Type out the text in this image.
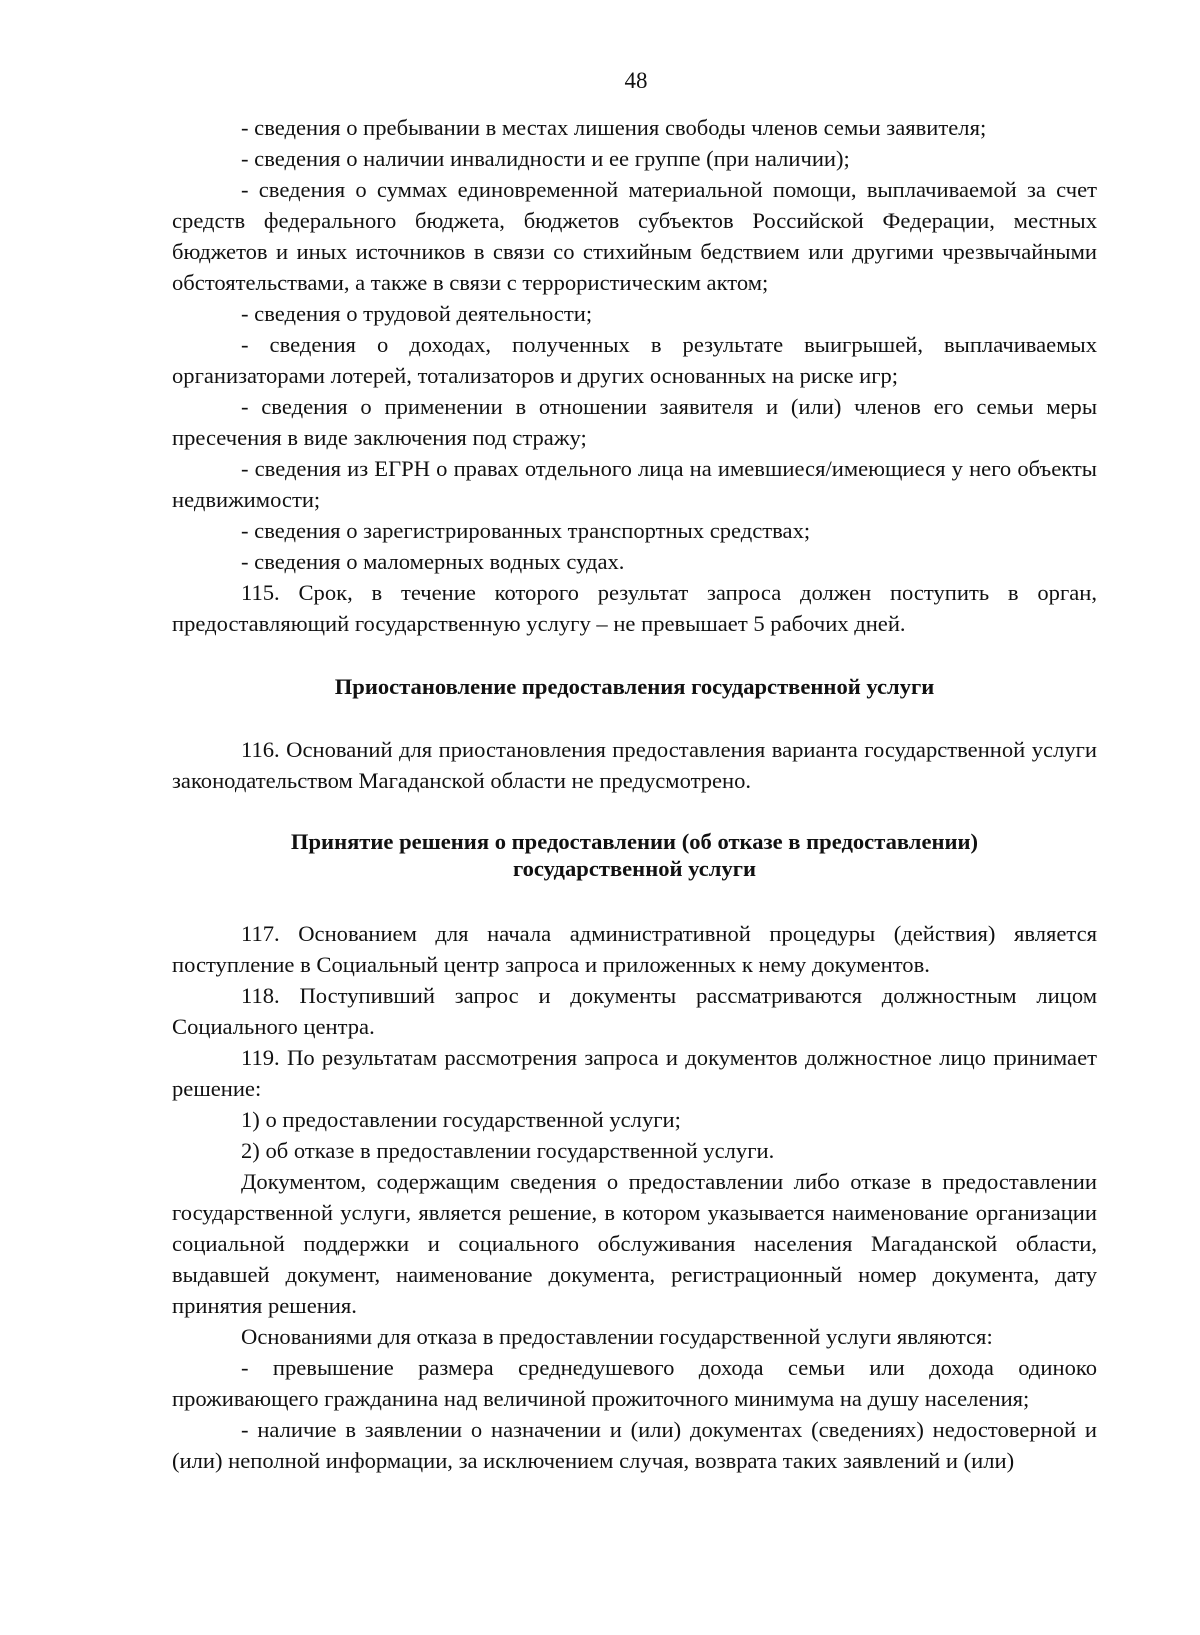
48

- сведения о пребывании в местах лишения свободы членов семьи заявителя;

- сведения о наличии инвалидности и ее группе (при наличии);

- сведения о суммах единовременной материальной помощи, выплачиваемой за счет средств федерального бюджета, бюджетов субъектов Российской Федерации, местных бюджетов и иных источников в связи со стихийным бедствием или другими чрезвычайными обстоятельствами, а также в связи с террористическим актом;

- сведения о трудовой деятельности;

- сведения о доходах, полученных в результате выигрышей, выплачиваемых организаторами лотерей, тотализаторов и других основанных на риске игр;

- сведения о применении в отношении заявителя и (или) членов его семьи меры пресечения в виде заключения под стражу;

- сведения из ЕГРН о правах отдельного лица на имевшиеся/имеющиеся у него объекты недвижимости;

- сведения о зарегистрированных транспортных средствах;

- сведения о маломерных водных судах.

115. Срок, в течение которого результат запроса должен поступить в орган, предоставляющий государственную услугу – не превышает 5 рабочих дней.

Приостановление предоставления государственной услуги

116. Оснований для приостановления предоставления варианта государственной услуги законодательством Магаданской области не предусмотрено.

Принятие решения о предоставлении (об отказе в предоставлении)
государственной услуги

117. Основанием для начала административной процедуры (действия) является поступление в Социальный центр запроса и приложенных к нему документов.

118. Поступивший запрос и документы рассматриваются должностным лицом Социального центра.

119. По результатам рассмотрения запроса и документов должностное лицо принимает решение:

1) о предоставлении государственной услуги;

2) об отказе в предоставлении государственной услуги.

Документом, содержащим сведения о предоставлении либо отказе в предоставлении государственной услуги, является решение, в котором указывается наименование организации социальной поддержки и социального обслуживания населения Магаданской области, выдавшей документ, наименование документа, регистрационный номер документа, дату принятия решения.

Основаниями для отказа в предоставлении государственной услуги являются:

- превышение размера среднедушевого дохода семьи или дохода одиноко проживающего гражданина над величиной прожиточного минимума на душу населения;

- наличие в заявлении о назначении и (или) документах (сведениях) недостоверной и (или) неполной информации, за исключением случая, возврата таких заявлений и (или)
